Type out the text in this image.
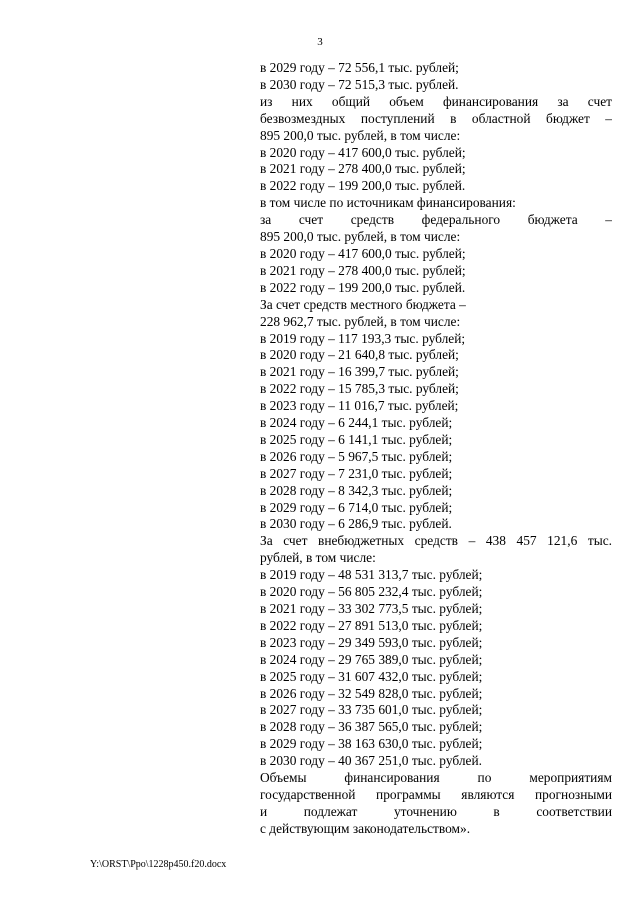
3
в 2029 году – 72 556,1 тыс. рублей;
в 2030 году – 72 515,3 тыс. рублей.
из них общий объем финансирования за счет
безвозмездных поступлений в областной бюджет –
895 200,0 тыс. рублей, в том числе:
в 2020 году – 417 600,0 тыс. рублей;
в 2021 году – 278 400,0 тыс. рублей;
в 2022 году – 199 200,0 тыс. рублей.
в том числе по источникам финансирования:
за счет средств федерального бюджета –
895 200,0 тыс. рублей, в том числе:
в 2020 году – 417 600,0 тыс. рублей;
в 2021 году – 278 400,0 тыс. рублей;
в 2022 году – 199 200,0 тыс. рублей.
За счет средств местного бюджета –
228 962,7 тыс. рублей, в том числе:
в 2019 году – 117 193,3 тыс. рублей;
в 2020 году – 21 640,8 тыс. рублей;
в 2021 году – 16 399,7 тыс. рублей;
в 2022 году – 15 785,3 тыс. рублей;
в 2023 году – 11 016,7 тыс. рублей;
в 2024 году – 6 244,1 тыс. рублей;
в 2025 году – 6 141,1 тыс. рублей;
в 2026 году – 5 967,5 тыс. рублей;
в 2027 году – 7 231,0 тыс. рублей;
в 2028 году – 8 342,3 тыс. рублей;
в 2029 году – 6 714,0 тыс. рублей;
в 2030 году – 6 286,9 тыс. рублей.
За счет внебюджетных средств – 438 457 121,6 тыс.
рублей, в том числе:
в 2019 году – 48 531 313,7 тыс. рублей;
в 2020 году – 56 805 232,4 тыс. рублей;
в 2021 году – 33 302 773,5 тыс. рублей;
в 2022 году – 27 891 513,0 тыс. рублей;
в 2023 году – 29 349 593,0 тыс. рублей;
в 2024 году – 29 765 389,0 тыс. рублей;
в 2025 году – 31 607 432,0 тыс. рублей;
в 2026 году – 32 549 828,0 тыс. рублей;
в 2027 году – 33 735 601,0 тыс. рублей;
в 2028 году – 36 387 565,0 тыс. рублей;
в 2029 году – 38 163 630,0 тыс. рублей;
в 2030 году – 40 367 251,0 тыс. рублей.
Объемы финансирования по мероприятиям
государственной программы являются прогнозными
и подлежат уточнению в соответствии
с действующим законодательством».
Y:\ORST\Ppo\1228p450.f20.docx
